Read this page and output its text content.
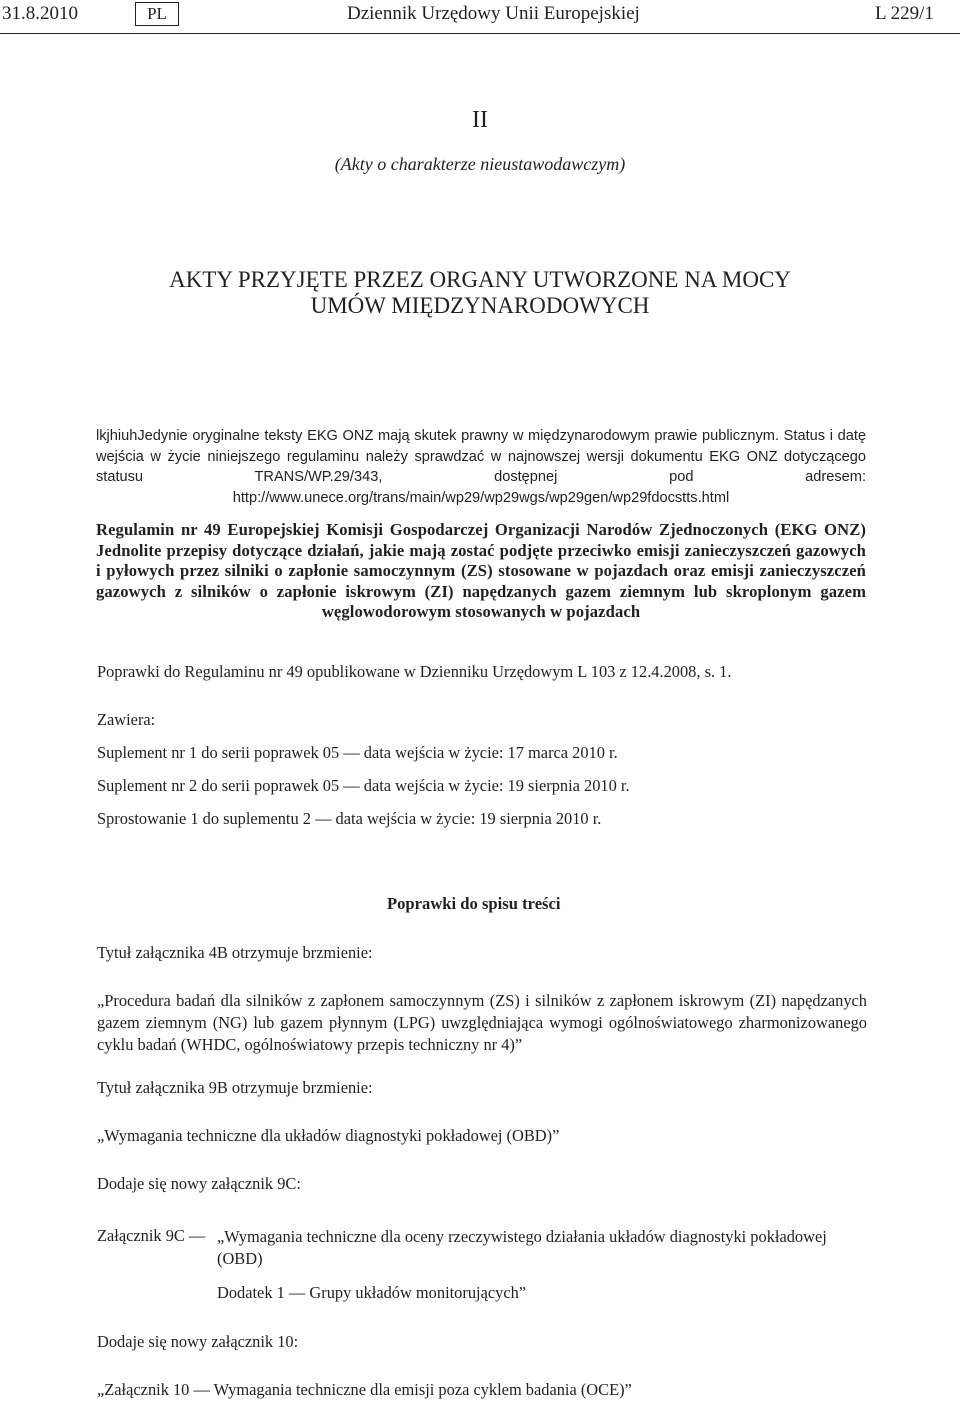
31.8.2010	PL	Dziennik Urzędowy Unii Europejskiej	L 229/1
II
(Akty o charakterze nieustawodawczym)
AKTY PRZYJĘTE PRZEZ ORGANY UTWORZONE NA MOCY
UMÓW MIĘDZYNARODOWYCH
lkjhiuhJedynie oryginalne teksty EKG ONZ mają skutek prawny w międzynarodowym prawie publicznym. Status i datę wejścia w życie niniejszego regulaminu należy sprawdzać w najnowszej wersji dokumentu EKG ONZ dotyczącego statusu TRANS/WP.29/343, dostępnej pod adresem: http://www.unece.org/trans/main/wp29/wp29wgs/wp29gen/wp29fdocstts.html
Regulamin nr 49 Europejskiej Komisji Gospodarczej Organizacji Narodów Zjednoczonych (EKG ONZ) Jednolite przepisy dotyczące działań, jakie mają zostać podjęte przeciwko emisji zanieczyszczeń gazowych i pyłowych przez silniki o zapłonie samoczynnym (ZS) stosowane w pojazdach oraz emisji zanieczyszczeń gazowych z silników o zapłonie iskrowym (ZI) napędzanych gazem ziemnym lub skroplonym gazem węglowodorowym stosowanych w pojazdach
Poprawki do Regulaminu nr 49 opublikowane w Dzienniku Urzędowym L 103 z 12.4.2008, s. 1.
Zawiera:
Suplement nr 1 do serii poprawek 05 — data wejścia w życie: 17 marca 2010 r.
Suplement nr 2 do serii poprawek 05 — data wejścia w życie: 19 sierpnia 2010 r.
Sprostowanie 1 do suplementu 2 — data wejścia w życie: 19 sierpnia 2010 r.
Poprawki do spisu treści
Tytuł załącznika 4B otrzymuje brzmienie:
„Procedura badań dla silników z zapłonem samoczynnym (ZS) i silników z zapłonem iskrowym (ZI) napędzanych gazem ziemnym (NG) lub gazem płynnym (LPG) uwzględniająca wymogi ogólnoświatowego zharmonizowanego cyklu badań (WHDC, ogólnoświatowy przepis techniczny nr 4)”
Tytuł załącznika 9B otrzymuje brzmienie:
„Wymagania techniczne dla układów diagnostyki pokładowej (OBD)”
Dodaje się nowy załącznik 9C:
Załącznik 9C — „Wymagania techniczne dla oceny rzeczywistego działania układów diagnostyki pokładowej (OBD)
Dodatek 1 — Grupy układów monitorujących”
Dodaje się nowy załącznik 10:
„Załącznik 10 — Wymagania techniczne dla emisji poza cyklem badania (OCE)”
